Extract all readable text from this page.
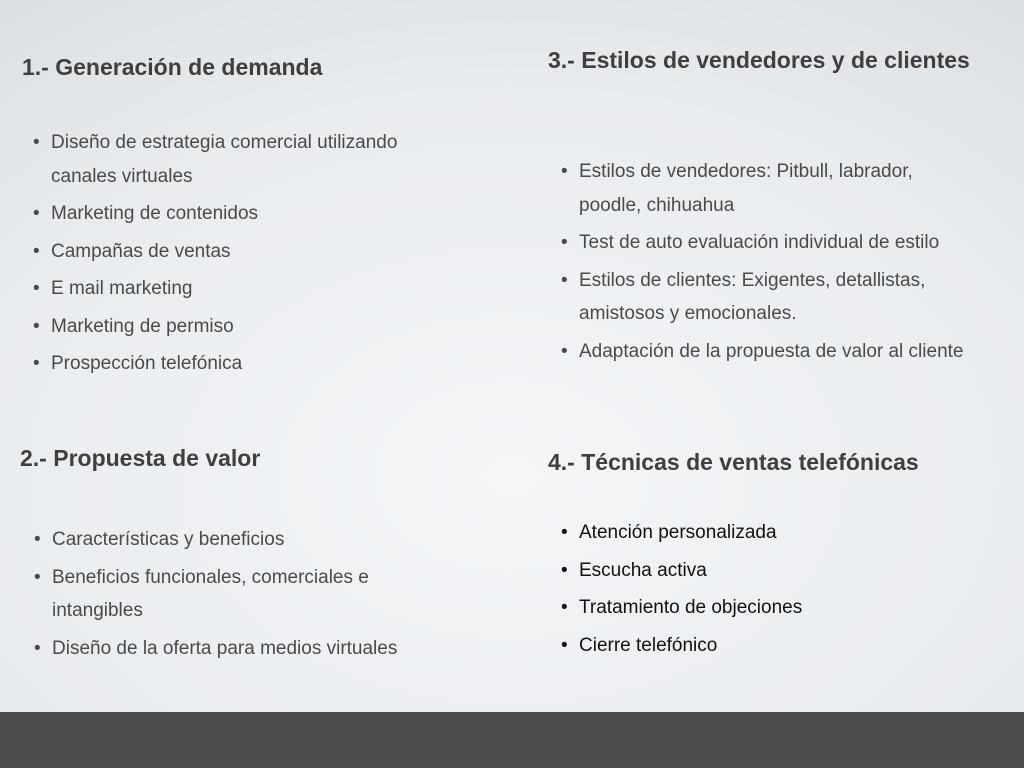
1.- Generación de demanda
• Diseño de estrategia comercial utilizando canales virtuales
• Marketing de contenidos
• Campañas de ventas
• E mail marketing
• Marketing de permiso
• Prospección telefónica
2.- Propuesta de valor
• Características y beneficios
• Beneficios funcionales, comerciales e intangibles
• Diseño de la oferta para medios virtuales
3.- Estilos de vendedores y de clientes
• Estilos de vendedores: Pitbull, labrador, poodle, chihuahua
• Test de auto evaluación individual de estilo
• Estilos de clientes: Exigentes, detallistas, amistosos y emocionales.
• Adaptación de la propuesta de valor al cliente
4.- Técnicas de ventas telefónicas
• Atención personalizada
• Escucha activa
• Tratamiento de objeciones
• Cierre telefónico
